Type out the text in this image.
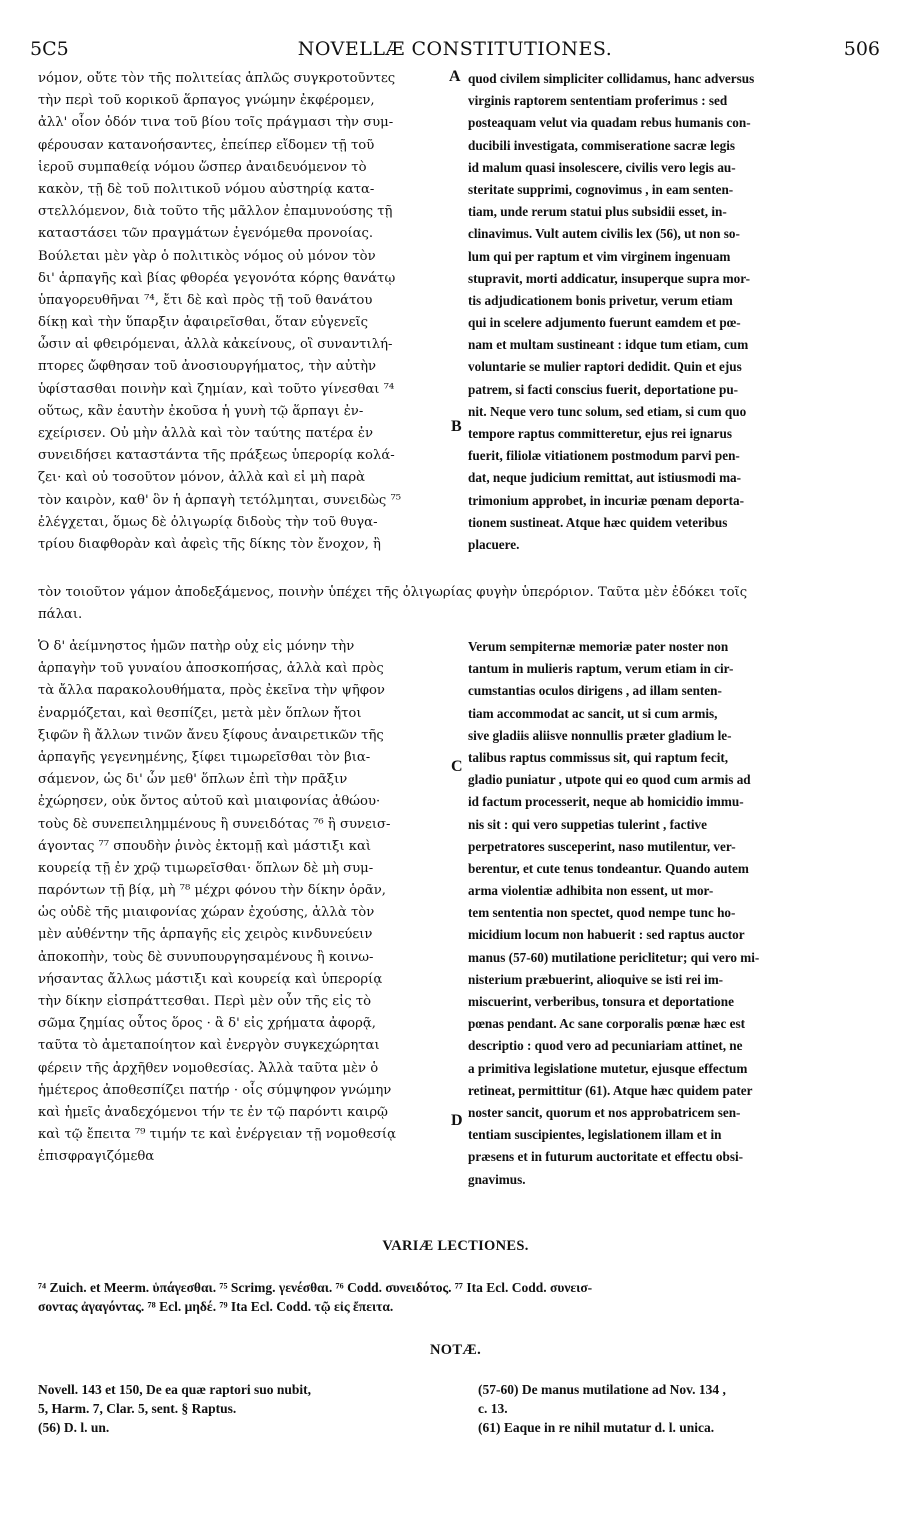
5C5	NOVELLÆ CONSTITUTIONES.	506
νόμον, οὔτε τὸν τῆς πολιτείας ἁπλῶς συγκροτοῦντες
τὴν περὶ τοῦ κορικοῦ ἅρπαγος γνώμην ἐκφέρομεν,
ἀλλ' οἷον ὁδόν τινα τοῦ βίου τοῖς πράγμασι τὴν συμ-
φέρουσαν κατανοήσαντες, ἐπείπερ εἴδομεν τῇ τοῦ
ἱεροῦ συμπαθείᾳ νόμου ὥσπερ ἀναιδευόμενον τὸ
κακὸν, τῇ δὲ τοῦ πολιτικοῦ νόμου αὐστηρίᾳ κατα-
στελλόμενον, διὰ τοῦτο τῆς μᾶλλον ἐπαμυνούσης τῇ
καταστάσει τῶν πραγμάτων ἐγενόμεθα προνοίας.
Βούλεται μὲν γὰρ ὁ πολιτικὸς νόμος οὐ μόνον τὸν
δι' ἁρπαγῆς καὶ βίας φθορέα γεγονότα κόρης θανάτῳ
ὑπαγορευθῆναι ⁷⁴, ἔτι δὲ καὶ πρὸς τῇ τοῦ θανάτου
δίκῃ καὶ τὴν ὕπαρξιν ἀφαιρεῖσθαι, ὅταν εὐγενεῖς
ὦσιν αἱ φθειρόμεναι, ἀλλὰ κἀκείνους, οἳ συναντιλή-
πτορες ὤφθησαν τοῦ ἀνοσιουργήματος, τὴν αὐτὴν
ὑφίστασθαι ποινὴν καὶ ζημίαν, καὶ τοῦτο γίνεσθαι ⁷⁴
οὕτως, κἂν ἑαυτὴν ἐκοῦσα ἡ γυνὴ τῷ ἅρπαγι ἐν-
εχείρισεν. Οὐ μὴν ἀλλὰ καὶ τὸν ταύτης πατέρα ἐν
συνειδήσει καταστάντα τῆς πράξεως ὑπερορίᾳ κολά-
ζει· καὶ οὐ τοσοῦτον μόνον, ἀλλὰ καὶ εἰ μὴ παρὰ
τὸν καιρὸν, καθ' ὃν ἡ ἁρπαγὴ τετόλμηται, συνειδὼς ⁷⁵
ἐλέγχεται, ὅμως δὲ ὀλιγωρίᾳ διδοὺς τὴν τοῦ θυγα-
τρίου διαφθορὰν καὶ ἀφεὶς τῆς δίκης τὸν ἔνοχον, ἢ
quod civilem simpliciter collidamus, hanc adversus
virginis raptorem sententiam proferimus : sed
posteaquam velut via quadam rebus humanis con-
ducibili investigata, commiseratione sacræ legis
id malum quasi insolescere, civilis vero legis au-
steritate supprimi, cognovimus , in eam senten-
tiam, unde rerum statui plus subsidii esset, in-
clinavimus. Vult autem civilis lex (56), ut non so-
lum qui per raptum et vim virginem ingenuam
stupravit, morti addicatur, insuperque supra mor-
tis adjudicationem bonis privetur, verum etiam
qui in scelere adjumento fuerunt eamdem et pœ-
nam et multam sustineant : idque tum etiam, cum
voluntarie se mulier raptori dedidit. Quin et ejus
patrem, si facti conscius fuerit, deportatione pu-
nit. Neque vero tunc solum, sed etiam, si cum quo
tempore raptus committeretur, ejus rei ignarus
fuerit, filiolæ vitiationem postmodum parvi pen-
dat, neque judicium remittat, aut istiusmodi ma-
trimonium approbet, in incuriæ pœnam deporta-
tionem sustineat. Atque hæc quidem veteribus
placuere.
A
B
τὸν τοιοῦτον γάμον ἀποδεξάμενος, ποινὴν ὑπέχει τῆς ὀλιγωρίας φυγὴν ὑπερόριον. Ταῦτα μὲν ἐδόκει τοῖς
πάλαι.
Ὁ δ' ἀείμνηστος ἡμῶν πατὴρ οὐχ εἰς μόνην τὴν
ἁρπαγὴν τοῦ γυναίου ἀποσκοπήσας, ἀλλὰ καὶ πρὸς
τὰ ἄλλα παρακολουθήματα, πρὸς ἐκεῖνα τὴν ψῆφον
ἐναρμόζεται, καὶ θεσπίζει, μετὰ μὲν ὅπλων ἤτοι
ξιφῶν ἢ ἄλλων τινῶν ἄνευ ξίφους ἀναιρετικῶν τῆς
ἁρπαγῆς γεγενημένης, ξίφει τιμωρεῖσθαι τὸν βια-
σάμενον, ὡς δι' ὧν μεθ' ὅπλων ἐπὶ τὴν πρᾶξιν
ἐχώρησεν, οὐκ ὄντος αὐτοῦ καὶ μιαιφονίας ἀθώου·
τοὺς δὲ συνεπειλημμένους ἢ συνειδότας ⁷⁶ ἢ συνεισ-
άγοντας ⁷⁷ σπουδὴν ῥινὸς ἐκτομῇ καὶ μάστιξι καὶ
κουρείᾳ τῇ ἐν χρῷ τιμωρεῖσθαι· ὅπλων δὲ μὴ συμ-
παρόντων τῇ βίᾳ, μὴ ⁷⁸ μέχρι φόνου τὴν δίκην ὁρᾶν,
ὡς οὐδὲ τῆς μιαιφονίας χώραν ἐχούσης, ἀλλὰ τὸν
μὲν αὐθέντην τῆς ἁρπαγῆς εἰς χειρὸς κινδυνεύειν
ἀποκοπὴν, τοὺς δὲ συνυπουργησαμένους ἢ κοινω-
νήσαντας ἄλλως μάστιξι καὶ κουρείᾳ καὶ ὑπερορίᾳ
τὴν δίκην εἰσπράττεσθαι. Περὶ μὲν οὖν τῆς εἰς τὸ
σῶμα ζημίας οὗτος ὅρος · ἃ δ' εἰς χρήματα ἀφορᾷ,
ταῦτα τὸ ἀμεταποίητον καὶ ἐνεργὸν συγκεχώρηται
φέρειν τῆς ἀρχῆθεν νομοθεσίας. Ἀλλὰ ταῦτα μὲν ὁ
ἡμέτερος ἀποθεσπίζει πατήρ · οἷς σύμψηφον γνώμην
καὶ ἡμεῖς ἀναδεχόμενοι τήν τε ἐν τῷ παρόντι καιρῷ
καὶ τῷ ἔπειτα ⁷⁹ τιμήν τε καὶ ἐνέργειαν τῇ νομοθεσίᾳ
ἐπισφραγιζόμεθα
Verum sempiternæ memoriæ pater noster non
tantum in mulieris raptum, verum etiam in cir-
cumstantias oculos dirigens , ad illam senten-
tiam accommodat ac sancit, ut si cum armis,
sive gladiis aliisve nonnullis præter gladium le-
talibus raptus commissus sit, qui raptum fecit,
gladio puniatur , utpote qui eo quod cum armis ad
id factum processerit, neque ab homicidio immu-
nis sit : qui vero suppetias tulerint , factive
perpetratores susceperint, naso mutilentur, ver-
berentur, et cute tenus tondeantur. Quando autem
arma violentiæ adhibita non essent, ut mor-
tem sententia non spectet, quod nempe tunc ho-
micidium locum non habuerit : sed raptus auctor
manus (57-60) mutilatione periclitetur; qui vero mi-
nisterium præbuerint, alioquive se isti rei im-
miscuerint, verberibus, tonsura et deportatione
pœnas pendant. Ac sane corporalis pœnæ hæc est
descriptio : quod vero ad pecuniariam attinet, ne
a primitiva legislatione mutetur, ejusque effectum
retineat, permittitur (61). Atque hæc quidem pater
noster sancit, quorum et nos approbatricem sen-
tentiam suscipientes, legislationem illam et in
præsens et in futurum auctoritate et effectu obsi-
gnavimus.
C
D
VARIÆ LECTIONES.
⁷⁴ Zuich. et Meerm. ὑπάγεσθαι. ⁷⁵ Scrimg. γενέσθαι. ⁷⁶ Codd. συνειδότος. ⁷⁷ Ita Ecl. Codd. συνεισ-
σοντας ἀγαγόντας. ⁷⁸ Ecl. μηδέ. ⁷⁹ Ita Ecl. Codd. τῷ εἰς ἔπειτα.
NOTÆ.
Novell. 143 et 150, De ea quæ raptori suo nubit,
5, Harm. 7, Clar. 5, sent. § Raptus.
(56) D. l. un.
(57-60) De manus mutilatione ad Nov. 134 ,
c. 13.
(61) Eaque in re nihil mutatur d. l. unica.
